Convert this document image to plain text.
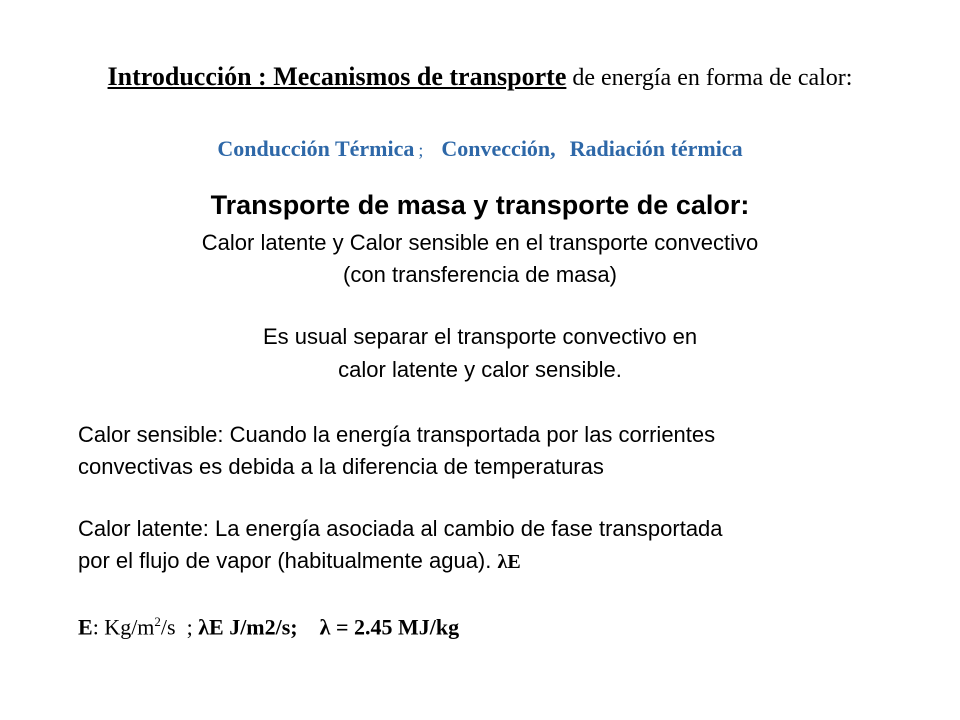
Introducción : Mecanismos de transporte de energía en forma de calor:
Conducción Térmica ; Convección, Radiación térmica
Transporte de masa y transporte de calor:
Calor latente y Calor sensible en el transporte convectivo
(con transferencia de masa)
Es usual separar el transporte convectivo en
calor latente y calor sensible.
Calor sensible: Cuando la energía transportada por las corrientes
convectivas es debida a la diferencia de temperaturas
Calor latente: La energía asociada al cambio de fase transportada
por el flujo de vapor (habitualmente agua). λE
E: $Kg/m^2/s$  ; λE J/m2/s; λ = 2.45 MJ/kg
